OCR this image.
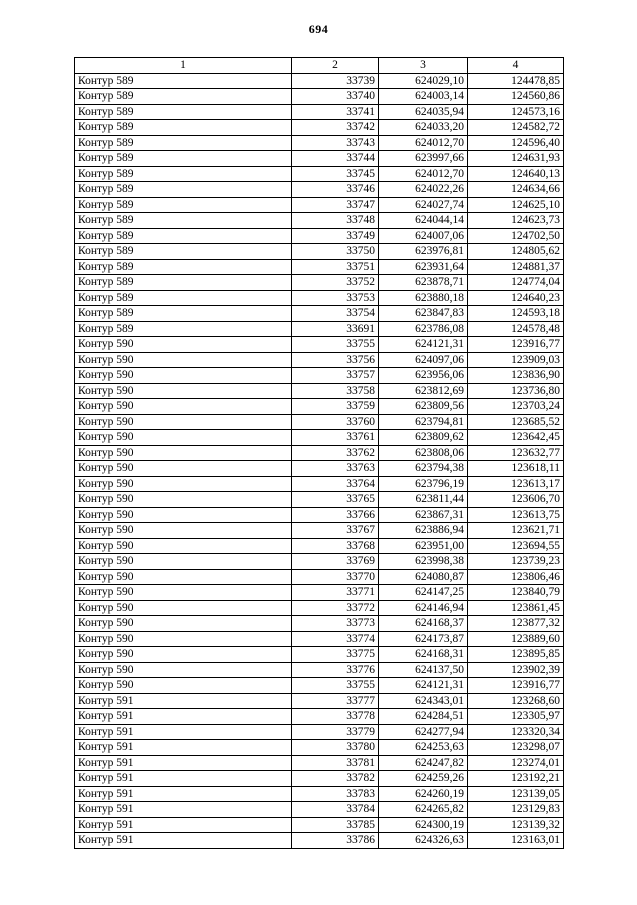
694
1	2	3	4
Контур 589	33739	624029,10	124478,85
Контур 589	33740	624003,14	124560,86
Контур 589	33741	624035,94	124573,16
Контур 589	33742	624033,20	124582,72
Контур 589	33743	624012,70	124596,40
Контур 589	33744	623997,66	124631,93
Контур 589	33745	624012,70	124640,13
Контур 589	33746	624022,26	124634,66
Контур 589	33747	624027,74	124625,10
Контур 589	33748	624044,14	124623,73
Контур 589	33749	624007,06	124702,50
Контур 589	33750	623976,81	124805,62
Контур 589	33751	623931,64	124881,37
Контур 589	33752	623878,71	124774,04
Контур 589	33753	623880,18	124640,23
Контур 589	33754	623847,83	124593,18
Контур 589	33691	623786,08	124578,48
Контур 590	33755	624121,31	123916,77
Контур 590	33756	624097,06	123909,03
Контур 590	33757	623956,06	123836,90
Контур 590	33758	623812,69	123736,80
Контур 590	33759	623809,56	123703,24
Контур 590	33760	623794,81	123685,52
Контур 590	33761	623809,62	123642,45
Контур 590	33762	623808,06	123632,77
Контур 590	33763	623794,38	123618,11
Контур 590	33764	623796,19	123613,17
Контур 590	33765	623811,44	123606,70
Контур 590	33766	623867,31	123613,75
Контур 590	33767	623886,94	123621,71
Контур 590	33768	623951,00	123694,55
Контур 590	33769	623998,38	123739,23
Контур 590	33770	624080,87	123806,46
Контур 590	33771	624147,25	123840,79
Контур 590	33772	624146,94	123861,45
Контур 590	33773	624168,37	123877,32
Контур 590	33774	624173,87	123889,60
Контур 590	33775	624168,31	123895,85
Контур 590	33776	624137,50	123902,39
Контур 590	33755	624121,31	123916,77
Контур 591	33777	624343,01	123268,60
Контур 591	33778	624284,51	123305,97
Контур 591	33779	624277,94	123320,34
Контур 591	33780	624253,63	123298,07
Контур 591	33781	624247,82	123274,01
Контур 591	33782	624259,26	123192,21
Контур 591	33783	624260,19	123139,05
Контур 591	33784	624265,82	123129,83
Контур 591	33785	624300,19	123139,32
Контур 591	33786	624326,63	123163,01
